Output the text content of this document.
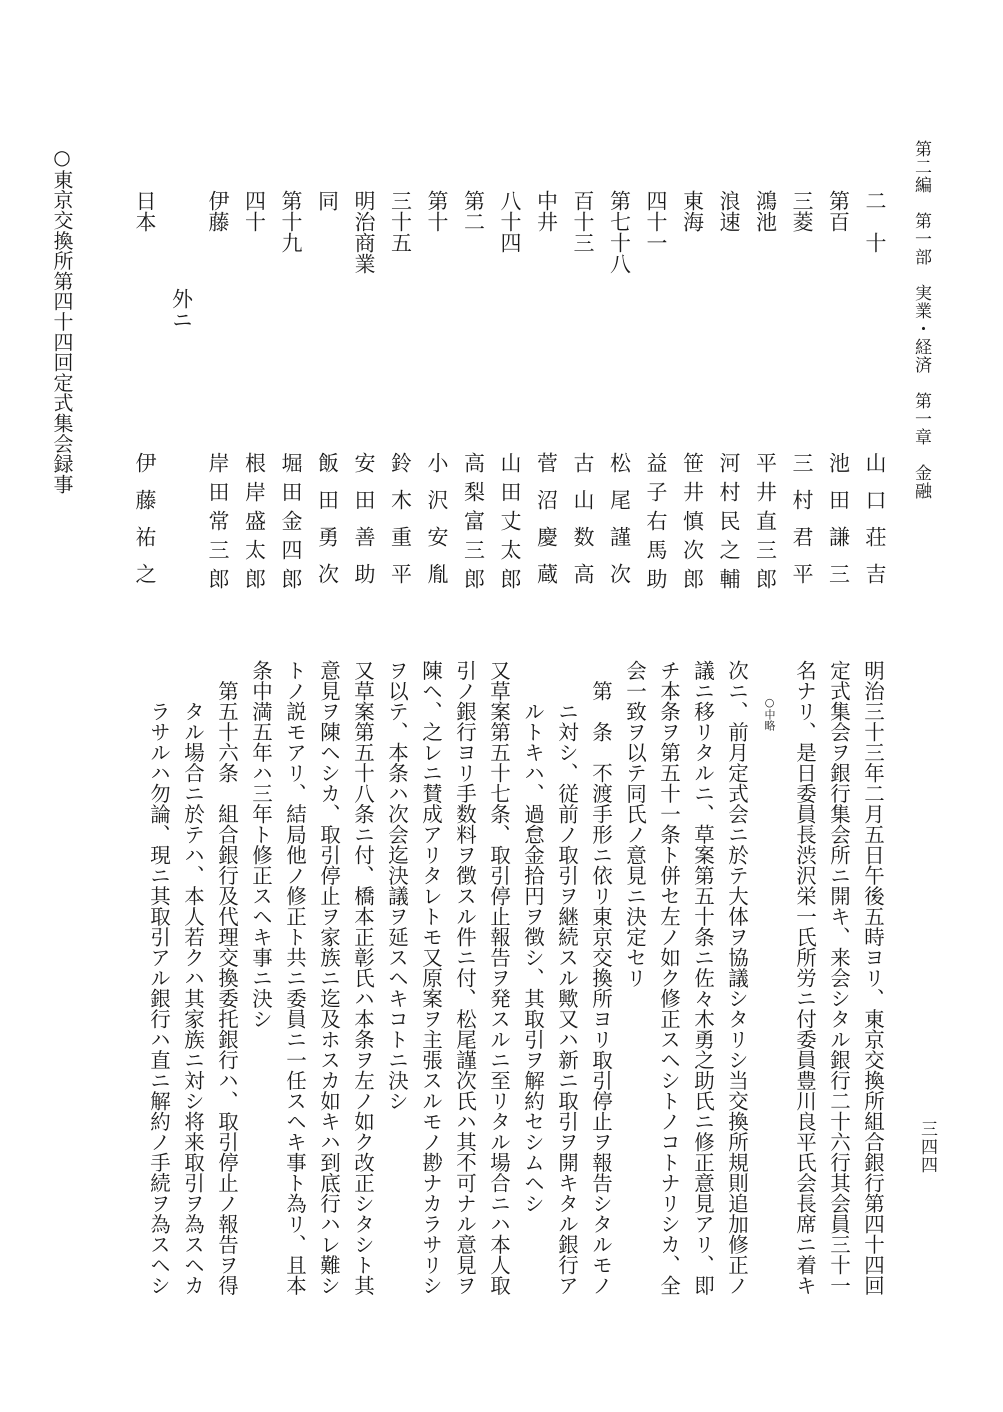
第二編　第一部　実業・経済　第一章　金融
三四四
○東京交換所第四十四回定式集会録事	二　十
山口荘吉
第百
池田謙三
三菱
三村君平
鴻池
平井直三郎
浪速
河村民之輔
東海
笹井慎次郎
四十一
益子右馬助
第七十八
松尾謹次
百十三
古山数高
中井
菅沼慶蔵
八十四
山田丈太郎
第二
高梨富三郎
第十
小沢安胤
三十五
鈴木重平
明治商業
安田善助
同
飯田勇次
第十九
堀田金四郎
四十
根岸盛太郎
伊藤
岸田常三郎
外ニ
日本
伊藤祐之
○中略	明治三十三年二月五日午後五時ヨリ、東京交換所組合銀行第四十四回
定式集会ヲ銀行集会所ニ開キ、来会シタル銀行二十六行其会員三十一
名ナリ、是日委員長渋沢栄一氏所労ニ付委員豊川良平氏会長席ニ着キ
次ニ、前月定式会ニ於テ大体ヲ協議シタリシ当交換所規則追加修正ノ
議ニ移リタルニ、草案第五十条ニ佐々木勇之助氏ニ修正意見アリ、即
チ本条ヲ第五十一条ト併セ左ノ如ク修正スヘシトノコトナリシカ、全
会一致ヲ以テ同氏ノ意見ニ決定セリ
　第　条　不渡手形ニ依リ東京交換所ヨリ取引停止ヲ報告シタルモノ
　　ニ対シ、従前ノ取引ヲ継続スル歟又ハ新ニ取引ヲ開キタル銀行ア
　　ルトキハ、過怠金拾円ヲ徴シ、其取引ヲ解約セシムヘシ
又草案第五十七条、取引停止報告ヲ発スルニ至リタル場合ニハ本人取
引ノ銀行ヨリ手数料ヲ徴スル件ニ付、松尾謹次氏ハ其不可ナル意見ヲ
陳ヘ、之レニ賛成アリタレトモ又原案ヲ主張スルモノ尠ナカラサリシ
ヲ以テ、本条ハ次会迄決議ヲ延スヘキコトニ決シ
又草案第五十八条ニ付、橋本正彰氏ハ本条ヲ左ノ如ク改正シタシト其
意見ヲ陳ヘシカ、取引停止ヲ家族ニ迄及ホスカ如キハ到底行ハレ難シ
トノ説モアリ、結局他ノ修正ト共ニ委員ニ一任スヘキ事ト為リ、且本
条中満五年ハ三年ト修正スヘキ事ニ決シ
　第五十六条　組合銀行及代理交換委托銀行ハ、取引停止ノ報告ヲ得
　　タル場合ニ於テハ、本人若クハ其家族ニ対シ将来取引ヲ為スヘカ
　　ラサルハ勿論、現ニ其取引アル銀行ハ直ニ解約ノ手続ヲ為スヘシ
